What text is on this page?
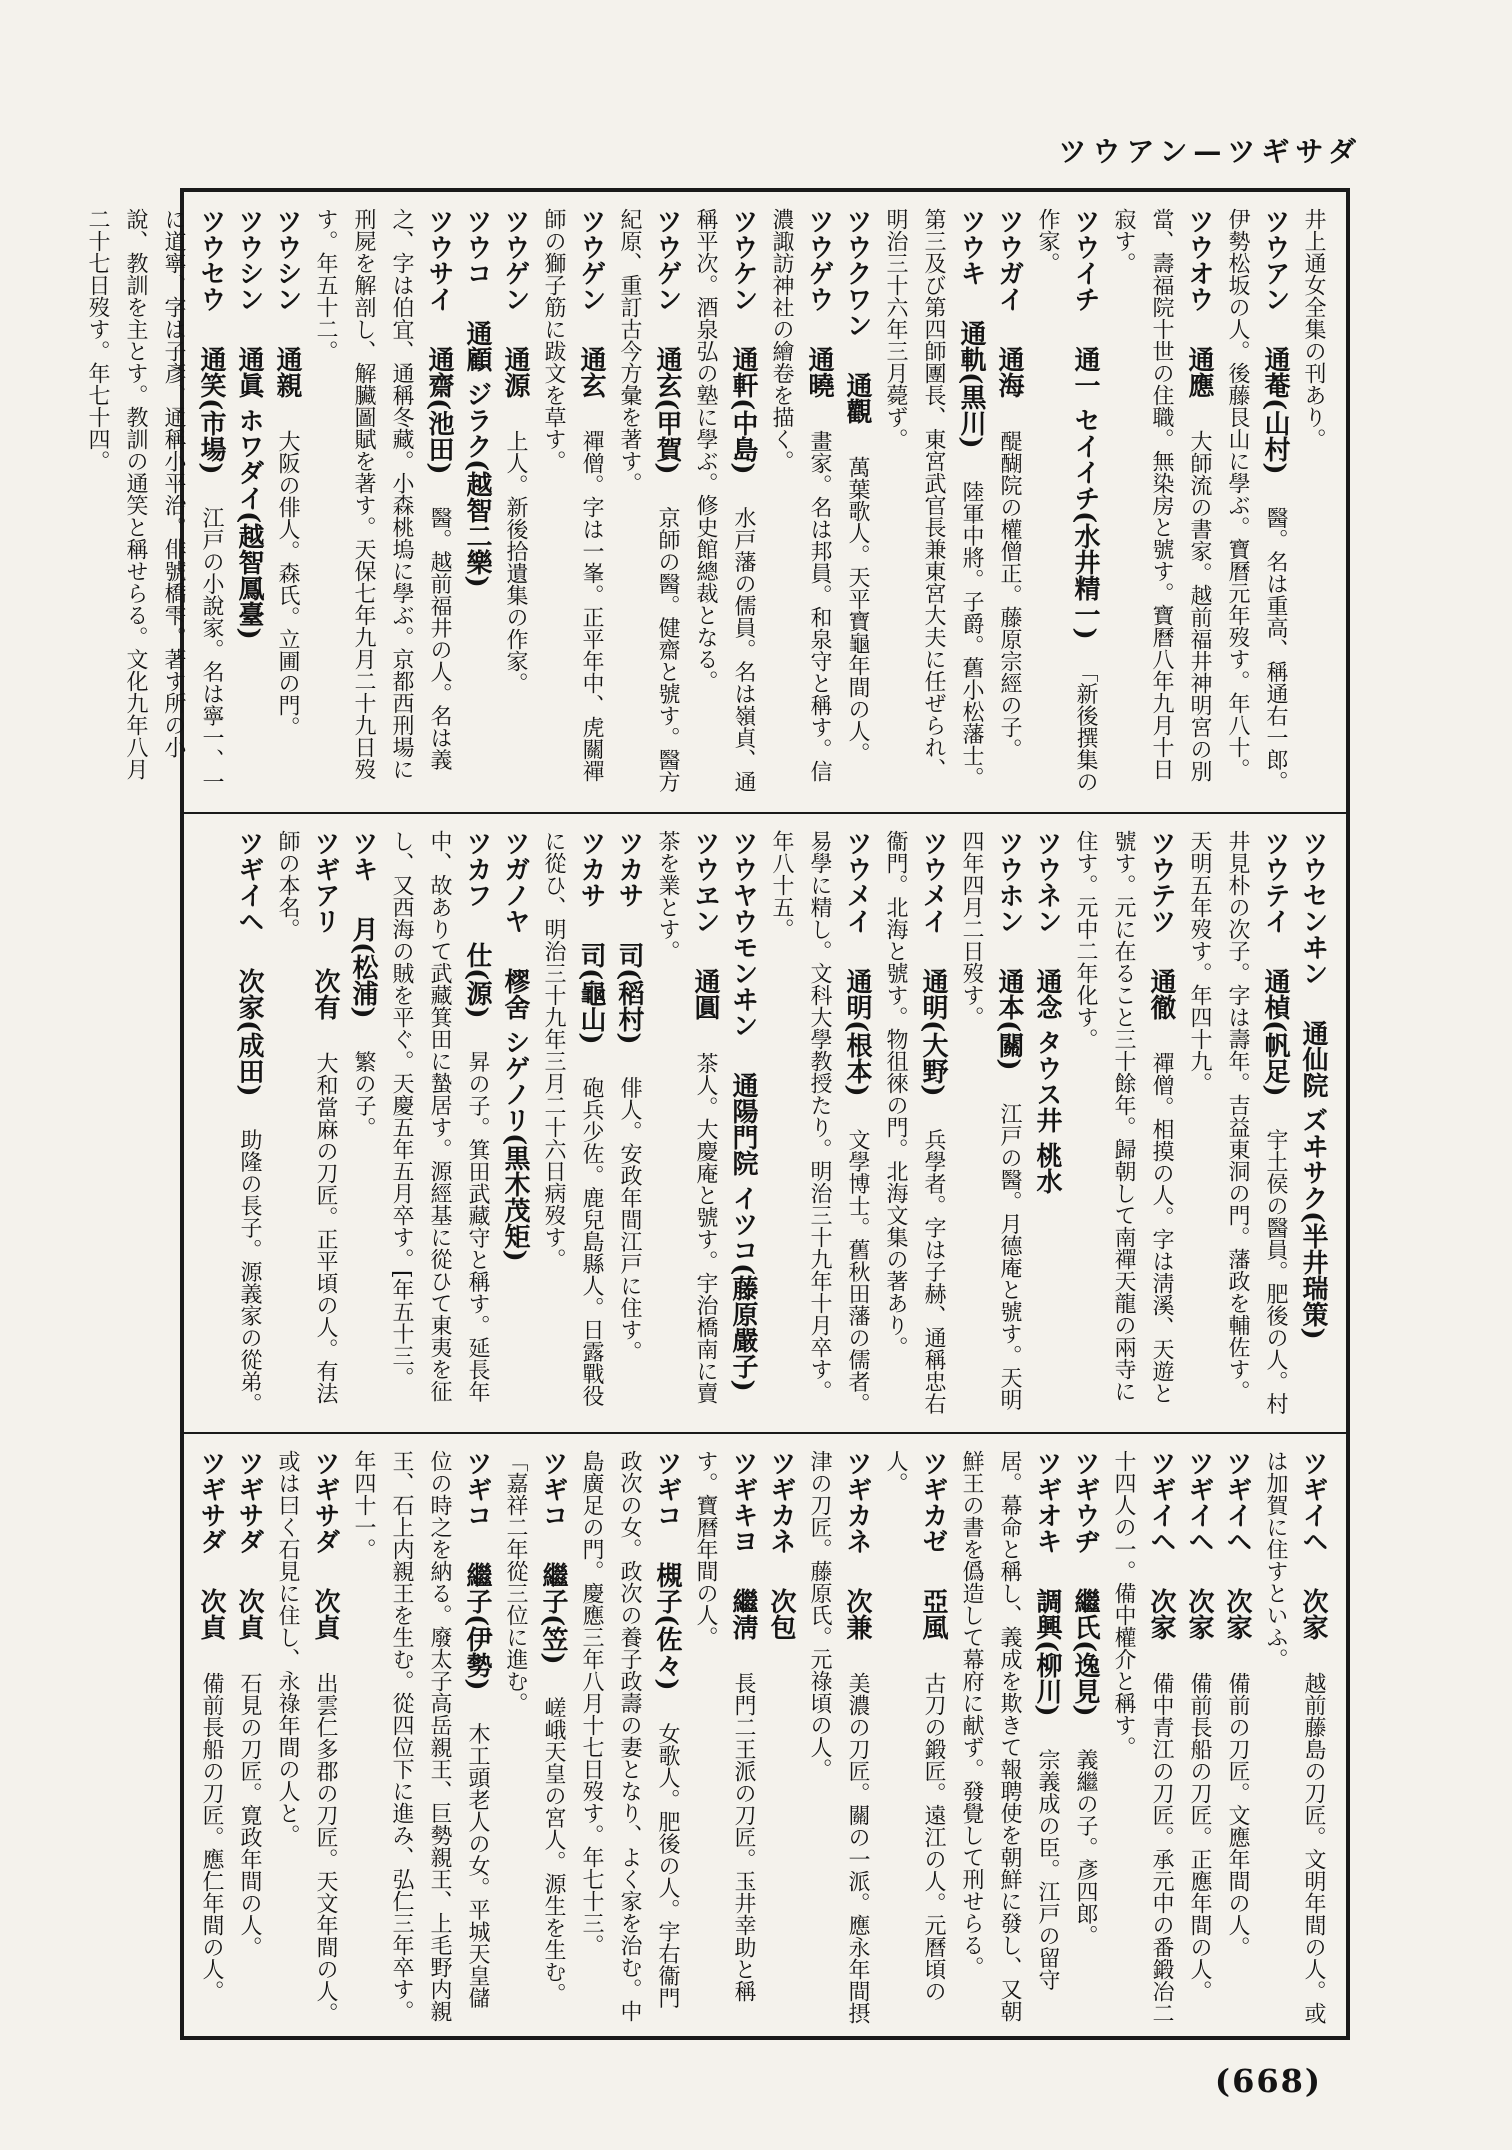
ツウアン—ツギサダ

井上通女全集の刊あり。

ツウアン　通菴(山村)　醫。名は重高、稱通右一郎。伊勢松坂の人。後藤艮山に學ぶ。寶曆元年歿す。年八十。

ツウオウ　通應　大師流の書家。越前福井神明宮の別當、壽福院十世の住職。無染房と號す。寶曆八年九月十日寂す。

ツウイチ　通一 セイイチ(水井精一)　「新後撰集の作家。

ツウガイ　通海　醍醐院の權僧正。藤原宗經の子。

ツウキ　通軌(黒川)　陸軍中將。子爵。舊小松藩士。第三及び第四師團長、東宮武官長兼東宮大夫に任ぜられ、明治三十六年三月薨ず。

ツウクワン　通觀　萬葉歌人。天平寶龜年間の人。

ツウゲウ　通曉　畫家。名は邦員。和泉守と稱す。信濃諏訪神社の繪卷を描く。

ツウケン　通軒(中島)　水戸藩の儒員。名は嶺貞、通稱平次。酒泉弘の塾に學ぶ。修史館總裁となる。

ツウゲン　通玄(甲賀)　京師の醫。健齋と號す。醫方紀原、重訂古今方彙を著す。

ツウゲン　通玄　禪僧。字は一峯。正平年中、虎關禪師の獅子筋に跋文を草す。

ツウゲン　通源　上人。新後拾遺集の作家。

ツウコ　通顧 ジラク(越智二樂)　

ツウサイ　通齋(池田)　醫。越前福井の人。名は義之、字は伯宜、通稱冬藏。小森桃塢に學ぶ。京都西刑場に刑屍を解剖し、解臟圖賦を著す。天保七年九月二十九日歿す。年五十二。

ツウシン　通親　大阪の俳人。森氏。立圃の門。

ツウシン　通眞 ホワダイ(越智鳳臺)　

ツウセウ　通笑(市場)　江戸の小說家。名は寧一、一に道寧、字は子彥、通稱小平治。俳號橋雫。著す所の小說、教訓を主とす。教訓の通笑と稱せらる。文化九年八月二十七日歿す。年七十四。

ツウセンヰン　通仙院 ズヰサク(半井瑞策)　

ツウテイ　通楨(帆足)　宇土侯の醫員。肥後の人。村井見朴の次子。字は壽年。吉益東洞の門。藩政を輔佐す。天明五年歿す。年四十九。

ツウテツ　通徹　禪僧。相摸の人。字は淸溪、天遊と號す。元に在ること三十餘年。歸朝して南禪天龍の兩寺に住す。元中二年化す。

ツウネン　通念 タウス井 桃水　

ツウホン　通本(關)　江戸の醫。月德庵と號す。天明四年四月二日歿す。

ツウメイ　通明(大野)　兵學者。字は子赫、通稱忠右衞門。北海と號す。物徂徠の門。北海文集の著あり。

ツウメイ　通明(根本)　文學博士。舊秋田藩の儒者。易學に精し。文科大學教授たり。明治三十九年十月卒す。年八十五。

ツウヤウモンヰン　通陽門院 イツコ(藤原嚴子)　

ツウヱン　通圓　茶人。大慶庵と號す。宇治橋南に賣茶を業とす。

ツカサ　司(稻村)　俳人。安政年間江戸に住す。

ツカサ　司(龜山)　砲兵少佐。鹿兒島縣人。日露戰役に從ひ、明治三十九年三月二十六日病歿す。

ツガノヤ　樛舍 シゲノリ(黒木茂矩)　

ツカフ　仕(源)　昇の子。箕田武藏守と稱す。延長年中、故ありて武藏箕田に蟄居す。源經基に從ひて東夷を征し、又西海の賊を平ぐ。天慶五年五月卒す。[年五十三。

ツキ　月(松浦)　繁の子。

ツギアリ　次有　大和當麻の刀匠。正平頃の人。有法師の本名。

ツギイヘ　次家(成田)　助隆の長子。源義家の從弟。

ツギイヘ　次家　越前藤島の刀匠。文明年間の人。或は加賀に住すといふ。

ツギイヘ　次家　備前の刀匠。文應年間の人。

ツギイヘ　次家　備前長船の刀匠。正應年間の人。

ツギイヘ　次家　備中青江の刀匠。承元中の番鍛冶二十四人の一。備中權介と稱す。

ツギウヂ　繼氏(逸見)　義繼の子。彥四郎。

ツギオキ　調興(柳川)　宗義成の臣。江戸の留守居。幕命と稱し、義成を欺きて報聘使を朝鮮に發し、又朝鮮王の書を僞造して幕府に献ず。發覺して刑せらる。

ツギカゼ　亞風　古刀の鍛匠。遠江の人。元曆頃の人。

ツギカネ　次兼　美濃の刀匠。關の一派。應永年間摂津の刀匠。藤原氏。元祿頃の人。

ツギカネ　次包　

ツギキヨ　繼淸　長門二王派の刀匠。玉井幸助と稱す。寶曆年間の人。

ツギコ　槻子(佐々)　女歌人。肥後の人。宇右衞門政次の女。政次の養子政壽の妻となり、よく家を治む。中島廣足の門。慶應三年八月十七日歿す。年七十三。

ツギコ　繼子(笠)　嵯峨天皇の宮人。源生を生む。「嘉祥二年從三位に進む。

ツギコ　繼子(伊勢)　木工頭老人の女。平城天皇儲位の時之を納る。廢太子高岳親王、巨勢親王、上毛野内親王、石上内親王を生む。從四位下に進み、弘仁三年卒す。年四十一。

ツギサダ　次貞　出雲仁多郡の刀匠。天文年間の人。或は曰く石見に住し、永祿年間の人と。

ツギサダ　次貞　石見の刀匠。寛政年間の人。

ツギサダ　次貞　備前長船の刀匠。應仁年間の人。

(668)
